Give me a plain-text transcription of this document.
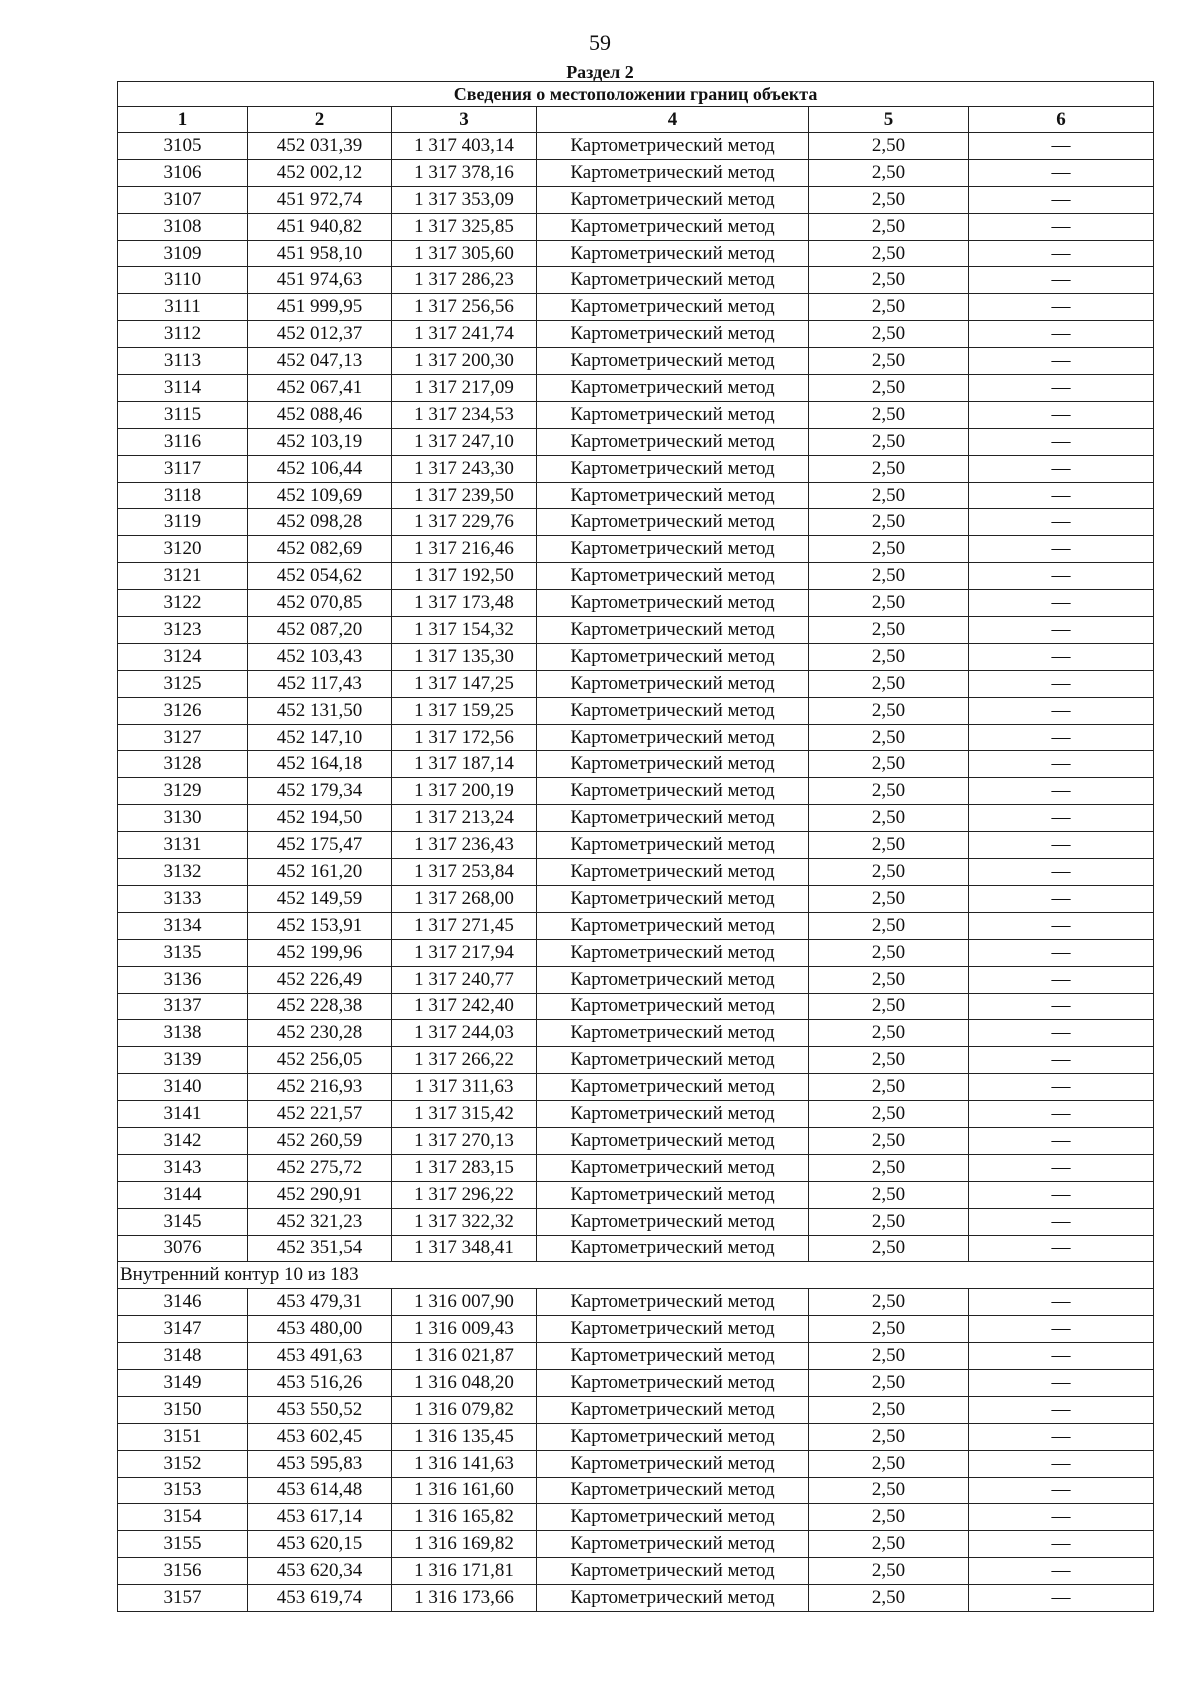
59
Раздел 2
Сведения о местоположении границ объекта					
1	2	3	4	5	6
3105	452 031,39	1 317 403,14	Картометрический метод	2,50	—
3106	452 002,12	1 317 378,16	Картометрический метод	2,50	—
3107	451 972,74	1 317 353,09	Картометрический метод	2,50	—
3108	451 940,82	1 317 325,85	Картометрический метод	2,50	—
3109	451 958,10	1 317 305,60	Картометрический метод	2,50	—
3110	451 974,63	1 317 286,23	Картометрический метод	2,50	—
3111	451 999,95	1 317 256,56	Картометрический метод	2,50	—
3112	452 012,37	1 317 241,74	Картометрический метод	2,50	—
3113	452 047,13	1 317 200,30	Картометрический метод	2,50	—
3114	452 067,41	1 317 217,09	Картометрический метод	2,50	—
3115	452 088,46	1 317 234,53	Картометрический метод	2,50	—
3116	452 103,19	1 317 247,10	Картометрический метод	2,50	—
3117	452 106,44	1 317 243,30	Картометрический метод	2,50	—
3118	452 109,69	1 317 239,50	Картометрический метод	2,50	—
3119	452 098,28	1 317 229,76	Картометрический метод	2,50	—
3120	452 082,69	1 317 216,46	Картометрический метод	2,50	—
3121	452 054,62	1 317 192,50	Картометрический метод	2,50	—
3122	452 070,85	1 317 173,48	Картометрический метод	2,50	—
3123	452 087,20	1 317 154,32	Картометрический метод	2,50	—
3124	452 103,43	1 317 135,30	Картометрический метод	2,50	—
3125	452 117,43	1 317 147,25	Картометрический метод	2,50	—
3126	452 131,50	1 317 159,25	Картометрический метод	2,50	—
3127	452 147,10	1 317 172,56	Картометрический метод	2,50	—
3128	452 164,18	1 317 187,14	Картометрический метод	2,50	—
3129	452 179,34	1 317 200,19	Картометрический метод	2,50	—
3130	452 194,50	1 317 213,24	Картометрический метод	2,50	—
3131	452 175,47	1 317 236,43	Картометрический метод	2,50	—
3132	452 161,20	1 317 253,84	Картометрический метод	2,50	—
3133	452 149,59	1 317 268,00	Картометрический метод	2,50	—
3134	452 153,91	1 317 271,45	Картометрический метод	2,50	—
3135	452 199,96	1 317 217,94	Картометрический метод	2,50	—
3136	452 226,49	1 317 240,77	Картометрический метод	2,50	—
3137	452 228,38	1 317 242,40	Картометрический метод	2,50	—
3138	452 230,28	1 317 244,03	Картометрический метод	2,50	—
3139	452 256,05	1 317 266,22	Картометрический метод	2,50	—
3140	452 216,93	1 317 311,63	Картометрический метод	2,50	—
3141	452 221,57	1 317 315,42	Картометрический метод	2,50	—
3142	452 260,59	1 317 270,13	Картометрический метод	2,50	—
3143	452 275,72	1 317 283,15	Картометрический метод	2,50	—
3144	452 290,91	1 317 296,22	Картометрический метод	2,50	—
3145	452 321,23	1 317 322,32	Картометрический метод	2,50	—
3076	452 351,54	1 317 348,41	Картометрический метод	2,50	—
Внутренний контур 10 из 183					
3146	453 479,31	1 316 007,90	Картометрический метод	2,50	—
3147	453 480,00	1 316 009,43	Картометрический метод	2,50	—
3148	453 491,63	1 316 021,87	Картометрический метод	2,50	—
3149	453 516,26	1 316 048,20	Картометрический метод	2,50	—
3150	453 550,52	1 316 079,82	Картометрический метод	2,50	—
3151	453 602,45	1 316 135,45	Картометрический метод	2,50	—
3152	453 595,83	1 316 141,63	Картометрический метод	2,50	—
3153	453 614,48	1 316 161,60	Картометрический метод	2,50	—
3154	453 617,14	1 316 165,82	Картометрический метод	2,50	—
3155	453 620,15	1 316 169,82	Картометрический метод	2,50	—
3156	453 620,34	1 316 171,81	Картометрический метод	2,50	—
3157	453 619,74	1 316 173,66	Картометрический метод	2,50	—
